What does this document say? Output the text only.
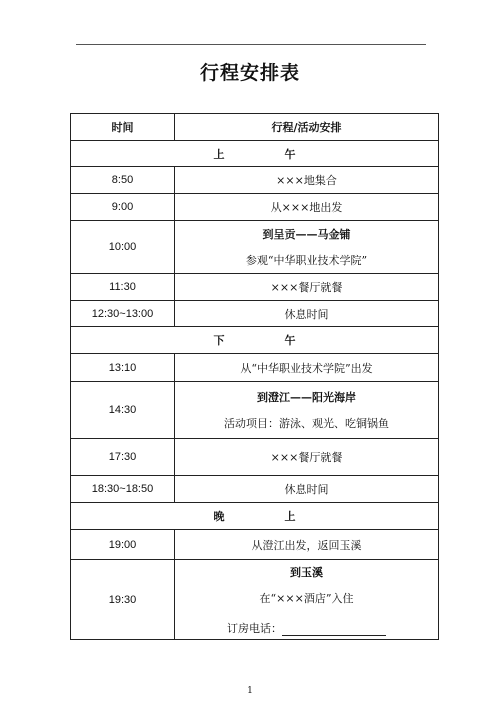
行程安排表
时间	行程/活动安排
上午	
8:50	×××地集合
9:00	从×××地出发
10:00	到呈贡——马金铺
参观“中华职业技术学院”

11:30	×××餐厅就餐
12:30~13:00	休息时间
下午	
13:10	从“中华职业技术学院”出发
14:30	到澄江——阳光海岸
活动项目：游泳、观光、吃铜锅鱼

17:30	×××餐厅就餐
18:30~18:50	休息时间
晚上	
19:00	从澄江出发，返回玉溪
19:30	到玉溪
在“×××酒店”入住
订房电话：
1
